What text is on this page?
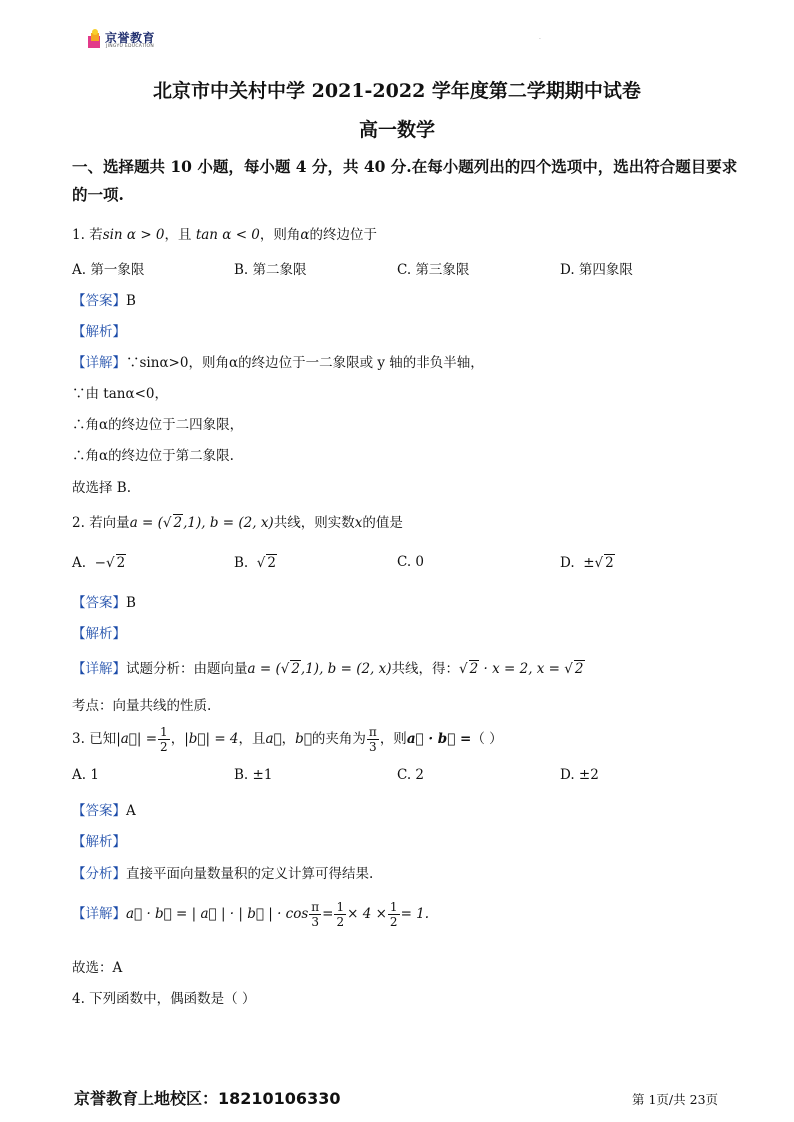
京誉教育
JINGYU EDUCATION
·
北京市中关村中学 2021-2022 学年度第二学期期中试卷
高一数学
一、选择题共 10 小题，每小题 4 分，共 40 分.在每小题列出的四个选项中，选出符合题目要求
的一项.
1. 若sin α > 0，且 tan α < 0，则角α的终边位于
A. 第一象限	B. 第二象限	C. 第三象限	D. 第四象限
【答案】B
【解析】
【详解】∵sinα>0，则角α的终边位于一二象限或 y 轴的非负半轴，
∵由 tanα<0，
∴角α的终边位于二四象限，
∴角α的终边位于第二象限.
故选择 B.
2. 若向量a = (√ 2,1), b = (2, x)共线，则实数x的值是
A. −√ 2	B.  √ 2	C. 0	D. ±√ 2
【答案】B
【解析】
【详解】试题分析：由题向量a = (√ 2,1), b = (2, x)共线，得：√ 2 · x = 2, x = √ 2
考点：向量共线的性质.
3. 已知|a⃗| = $\frac{1}{2}$ ，|b⃗| = 4，且a⃗，b⃗的夹角为 $\frac{\pi}{3}$ ，则a⃗ · b⃗ =（ ）
A. 1	B. ±1	C. 2	D. ±2
【答案】A
【解析】
【分析】直接平面向量数量积的定义计算可得结果.
【详解】a⃗ · b⃗ = | a⃗ | · | b⃗ | · $\cos \frac{\pi}{3} = \frac{1}{2} \times 4 \times \frac{1}{2} = 1$.
故选：A
4. 下列函数中，偶函数是（ ）
京誉教育上地校区：18210106330	第 1页/共 23页
